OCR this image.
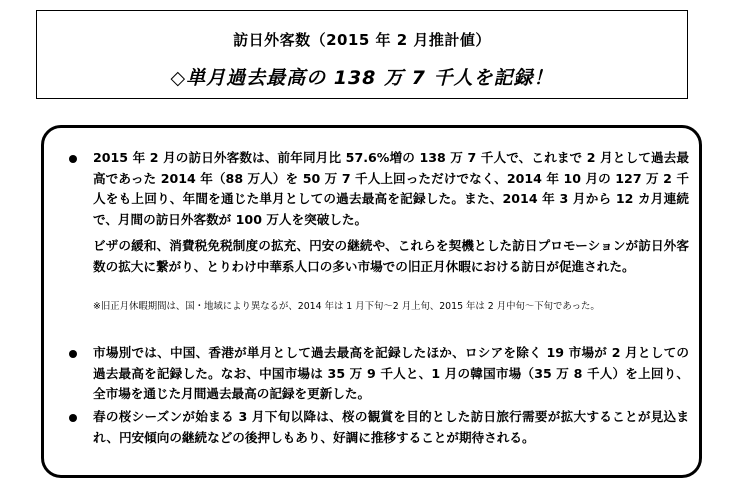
訪日外客数（2015 年 2 月推計値）
◇単月過去最高の 138 万 7 千人を記録！
2015 年 2 月の訪日外客数は、前年同月比 57.6%増の 138 万 7 千人で、これまで 2 月として過去最高であった 2014 年（88 万人）を 50 万 7 千人上回っただけでなく、2014 年 10 月の 127 万 2 千人をも上回り、年間を通じた単月としての過去最高を記録した。また、2014 年 3 月から 12 カ月連続で、月間の訪日外客数が 100 万人を突破した。
ビザの緩和、消費税免税制度の拡充、円安の継続や、これらを契機とした訪日プロモーションが訪日外客数の拡大に繋がり、とりわけ中華系人口の多い市場での旧正月休暇における訪日が促進された。
※旧正月休暇期間は、国・地域により異なるが、2014 年は 1 月下旬～2 月上旬、2015 年は 2 月中旬～下旬であった。
市場別では、中国、香港が単月として過去最高を記録したほか、ロシアを除く 19 市場が 2 月としての過去最高を記録した。なお、中国市場は 35 万 9 千人と、1 月の韓国市場（35 万 8 千人）を上回り、全市場を通じた月間過去最高の記録を更新した。
春の桜シーズンが始まる 3 月下旬以降は、桜の観賞を目的とした訪日旅行需要が拡大することが見込まれ、円安傾向の継続などの後押しもあり、好調に推移することが期待される。
